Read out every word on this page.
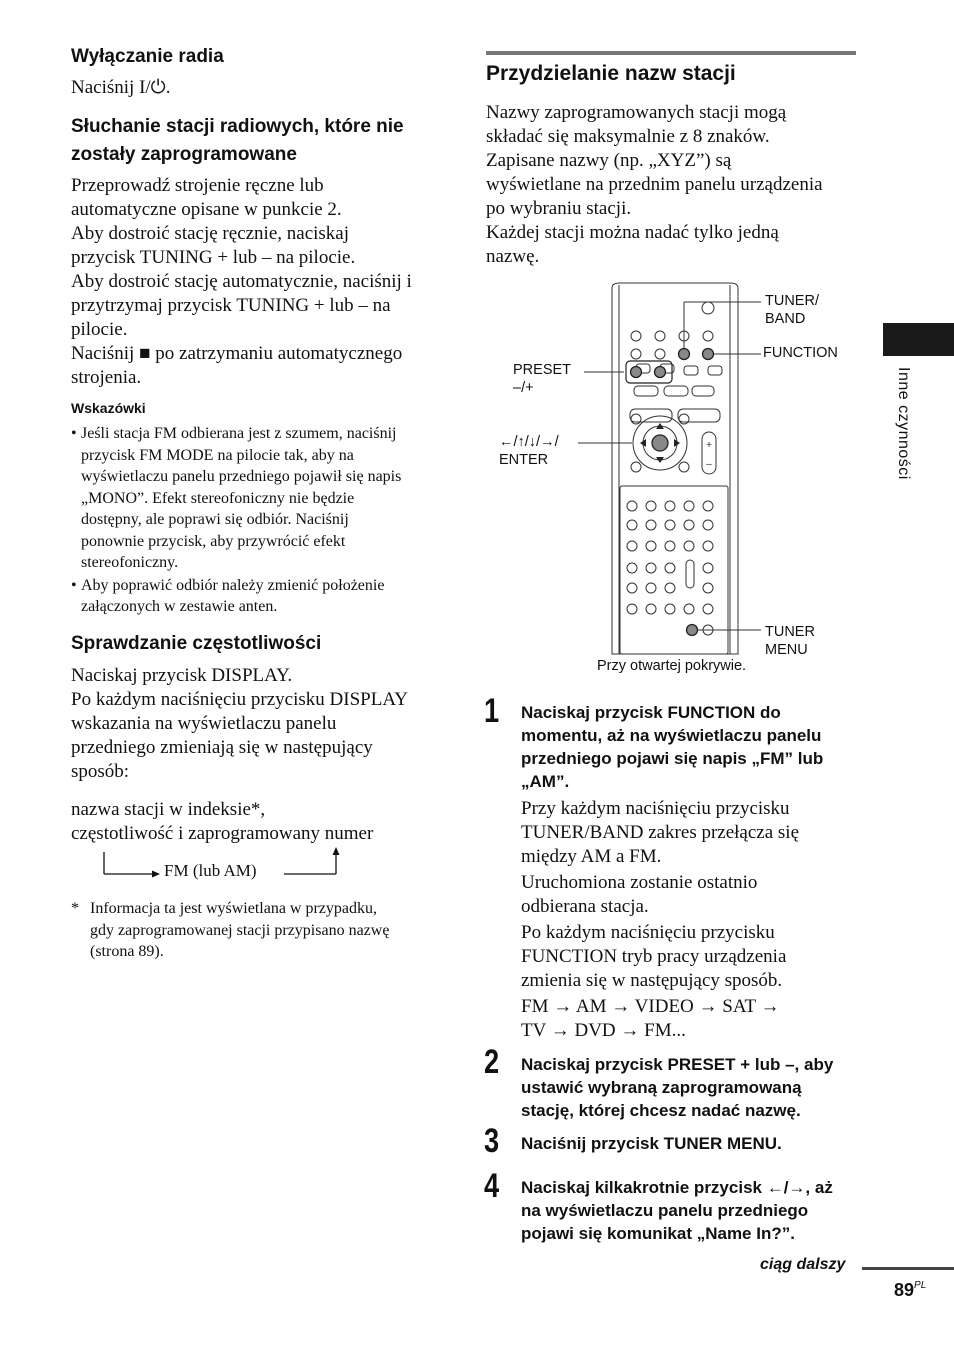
Wyłączanie radia
Naciśnij I/⏻.
Słuchanie stacji radiowych, które nie zostały zaprogramowane
Przeprowadź strojenie ręczne lub
automatyczne opisane w punkcie 2.
Aby dostroić stację ręcznie, naciskaj
przycisk TUNING + lub – na pilocie.
Aby dostroić stację automatycznie, naciśnij i
przytrzymaj przycisk TUNING + lub – na
pilocie.
Naciśnij ■ po zatrzymaniu automatycznego
strojenia.
Wskazówki
• Jeśli stacja FM odbierana jest z szumem, naciśnij
przycisk FM MODE na pilocie tak, aby na
wyświetlaczu panelu przedniego pojawił się napis
„MONO”. Efekt stereofoniczny nie będzie
dostępny, ale poprawi się odbiór. Naciśnij
ponownie przycisk, aby przywrócić efekt
stereofoniczny.
• Aby poprawić odbiór należy zmienić położenie
załączonych w zestawie anten.
Sprawdzanie częstotliwości
Naciskaj przycisk DISPLAY.
Po każdym naciśnięciu przycisku DISPLAY
wskazania na wyświetlaczu panelu
przedniego zmieniają się w następujący
sposób:
nazwa stacji w indeksie*,
częstotliwość i zaprogramowany numer
FM (lub AM)
* Informacja ta jest wyświetlana w przypadku,
gdy zaprogramowanej stacji przypisano nazwę
(strona 89).
Przydzielanie nazw stacji
Nazwy zaprogramowanych stacji mogą
składać się maksymalnie z 8 znaków.
Zapisane nazwy (np. „XYZ”) są
wyświetlane na przednim panelu urządzenia
po wybraniu stacji.
Każdej stacji można nadać tylko jedną
nazwę.
+
–
TUNER/
BAND
FUNCTION
PRESET
–/+
←/↑/↓/→/
ENTER
TUNER
MENU
Przy otwartej pokrywie.
1 Naciskaj przycisk FUNCTION do
momentu, aż na wyświetlaczu panelu
przedniego pojawi się napis „FM” lub
„AM”.
Przy każdym naciśnięciu przycisku
TUNER/BAND zakres przełącza się
między AM a FM.
Uruchomiona zostanie ostatnio
odbierana stacja.
Po każdym naciśnięciu przycisku
FUNCTION tryb pracy urządzenia
zmienia się w następujący sposób.
FM → AM → VIDEO → SAT →
TV → DVD → FM...
2 Naciskaj przycisk PRESET + lub –, aby
ustawić wybraną zaprogramowaną
stację, której chcesz nadać nazwę.
3 Naciśnij przycisk TUNER MENU.
4 Naciskaj kilkakrotnie przycisk ←/→, aż
na wyświetlaczu panelu przedniego
pojawi się komunikat „Name In?”.
ciąg dalszy
$89^{PL}$
Inne czynności
